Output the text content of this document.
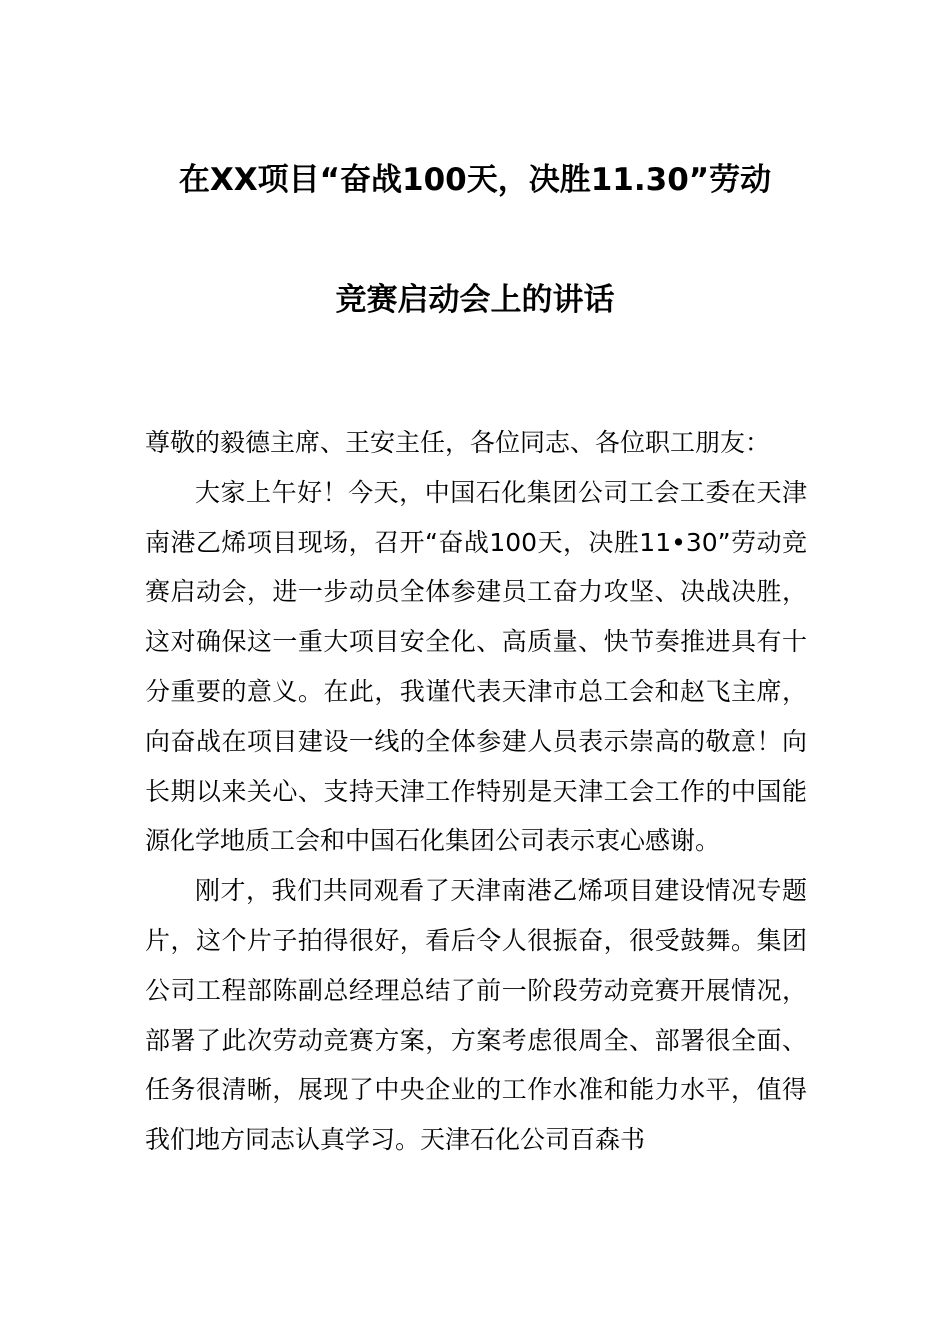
在XX项目“奋战100天，决胜11.30”劳动
竞赛启动会上的讲话

尊敬的毅德主席、王安主任，各位同志、各位职工朋友：

大家上午好！今天，中国石化集团公司工会工委在天津南港乙烯项目现场，召开“奋战100天，决胜11•30”劳动竞赛启动会，进一步动员全体参建员工奋力攻坚、决战决胜，这对确保这一重大项目安全化、高质量、快节奏推进具有十分重要的意义。在此，我谨代表天津市总工会和赵飞主席，向奋战在项目建设一线的全体参建人员表示崇高的敬意！向长期以来关心、支持天津工作特别是天津工会工作的中国能源化学地质工会和中国石化集团公司表示衷心感谢。

刚才，我们共同观看了天津南港乙烯项目建设情况专题片，这个片子拍得很好，看后令人很振奋，很受鼓舞。集团公司工程部陈副总经理总结了前一阶段劳动竞赛开展情况，部署了此次劳动竞赛方案，方案考虑很周全、部署很全面、任务很清晰，展现了中央企业的工作水准和能力水平，值得我们地方同志认真学习。天津石化公司百森书
